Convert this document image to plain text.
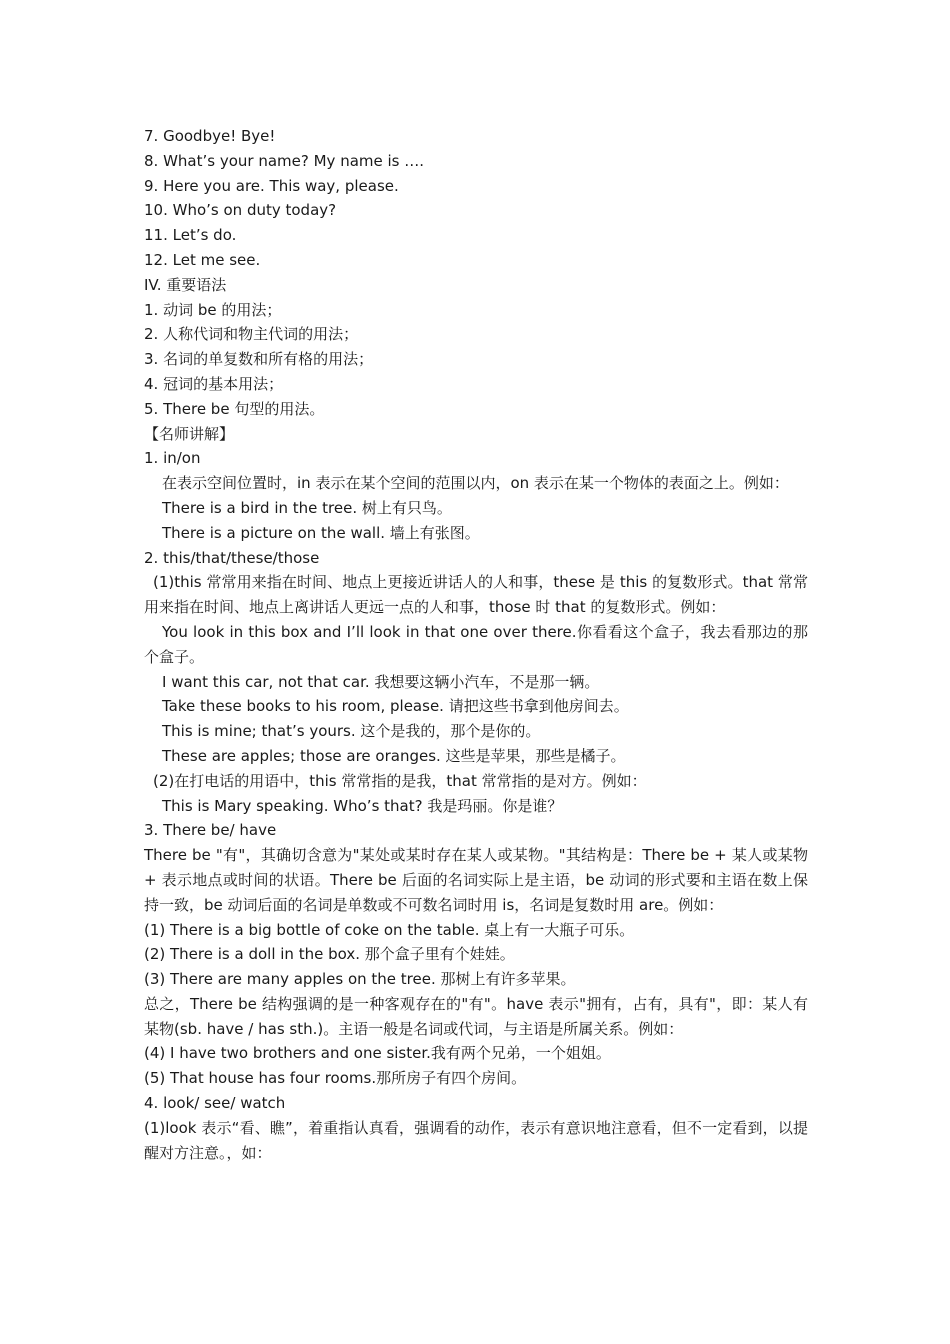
7. Goodbye! Bye!

8. What’s your name? My name is ….

9. Here you are. This way, please.

10. Who’s on duty today?

11. Let’s do.

12. Let me see.

IV. 重要语法

1. 动词 be 的用法；

2. 人称代词和物主代词的用法；

3. 名词的单复数和所有格的用法；

4. 冠词的基本用法；

5. There be 句型的用法。

【名师讲解】

1. in/on

在表示空间位置时，in 表示在某个空间的范围以内，on 表示在某一个物体的表面之上。例如：

There is a bird in the tree. 树上有只鸟。

There is a picture on the wall. 墙上有张图。

2. this/that/these/those

(1)this 常常用来指在时间、地点上更接近讲话人的人和事，these 是 this 的复数形式。that 常常用来指在时间、地点上离讲话人更远一点的人和事，those 时 that 的复数形式。例如：

You look in this box and I’ll look in that one over there.你看看这个盒子，我去看那边的那个盒子。

I want this car, not that car. 我想要这辆小汽车，不是那一辆。

Take these books to his room, please. 请把这些书拿到他房间去。

This is mine; that’s yours. 这个是我的，那个是你的。

These are apples; those are oranges. 这些是苹果，那些是橘子。

(2)在打电话的用语中，this 常常指的是我，that 常常指的是对方。例如：

This is Mary speaking. Who’s that? 我是玛丽。你是谁？

3. There be/ have

There be "有"，其确切含意为"某处或某时存在某人或某物。"其结构是：There be + 某人或某物 + 表示地点或时间的状语。There be 后面的名词实际上是主语，be 动词的形式要和主语在数上保持一致，be 动词后面的名词是单数或不可数名词时用 is，名词是复数时用 are。例如：

(1) There is a big bottle of coke on the table. 桌上有一大瓶子可乐。

(2) There is a doll in the box. 那个盒子里有个娃娃。

(3) There are many apples on the tree. 那树上有许多苹果。

总之，There be 结构强调的是一种客观存在的"有"。have 表示"拥有，占有，具有"，即：某人有某物(sb. have / has sth.)。主语一般是名词或代词，与主语是所属关系。例如：

(4) I have two brothers and one sister.我有两个兄弟，一个姐姐。

(5) That house has four rooms.那所房子有四个房间。

4. look/ see/ watch

(1)look 表示“看、瞧”，着重指认真看，强调看的动作，表示有意识地注意看，但不一定看到，以提醒对方注意。，如：
